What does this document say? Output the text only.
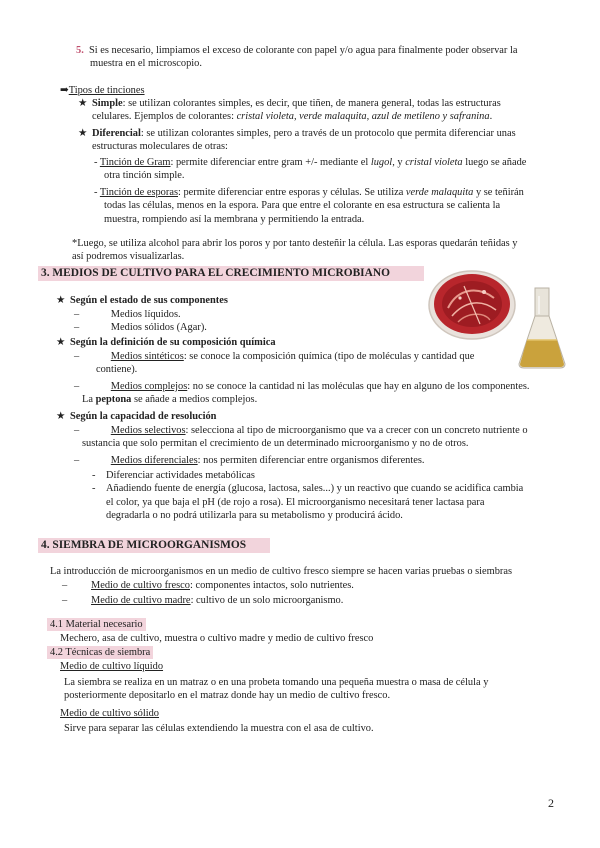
5. Si es necesario, limpiamos el exceso de colorante con papel y/o agua para finalmente poder observar la

muestra en el microscopio.

➡Tipos de tinciones

★ Simple: se utilizan colorantes simples, es decir, que tiñen, de manera general, todas las estructuras

celulares. Ejemplos de colorantes: cristal violeta, verde malaquita, azul de metileno y safranina.

★ Diferencial: se utilizan colorantes simples, pero a través de un protocolo que permita diferenciar unas

estructuras moleculares de otras:

- Tinción de Gram: permite diferenciar entre gram +/- mediante el lugol, y cristal violeta luego se añade

otra tinción simple.

- Tinción de esporas: permite diferenciar entre esporas y células. Se utiliza verde malaquita y se teñirán

todas las células, menos en la espora. Para que entre el colorante en esa estructura se calienta la

muestra, rompiendo así la membrana y permitiendo la entrada.

*Luego, se utiliza alcohol para abrir los poros y por tanto desteñir la célula. Las esporas quedarán teñidas y

así podremos visualizarlas.

3. MEDIOS DE CULTIVO PARA EL CRECIMIENTO MICROBIANO
★ Según el estado de sus componentes

–	Medios líquidos.

–	Medios sólidos (Agar).

★ Según la definición de su composición química

–	Medios sintéticos: se conoce la composición química (tipo de moléculas y cantidad que

contiene).

–	Medios complejos: no se conoce la cantidad ni las moléculas que hay en alguno de los componentes.

La peptona se añade a medios complejos.

★ Según la capacidad de resolución

–	Medios selectivos: selecciona al tipo de microorganismo que va a crecer con un concreto nutriente o

sustancia que solo permitan el crecimiento de un determinado microorganismo y no de otros.

–	Medios diferenciales: nos permiten diferenciar entre organismos diferentes.

- Diferenciar actividades metabólicas

- Añadiendo fuente de energía (glucosa, lactosa, sales...) y un reactivo que cuando se acidifica cambia

el color, ya que baja el pH (de rojo a rosa). El microorganismo necesitará tener lactasa para

degradarla o no podrá utilizarla para su metabolismo y producirá ácido.

4. SIEMBRA DE MICROORGANISMOS
La introducción de microorganismos en un medio de cultivo fresco siempre se hacen varias pruebas o siembras

– Medio de cultivo fresco: componentes intactos, solo nutrientes.

– Medio de cultivo madre: cultivo de un solo microorganismo.

4.1 Material necesario
Mechero, asa de cultivo, muestra o cultivo madre y medio de cultivo fresco
4.2 Técnicas de siembra
Medio de cultivo líquido

La siembra se realiza en un matraz o en una probeta tomando una pequeña muestra o masa de célula y

posteriormente depositarlo en el matraz donde hay un medio de cultivo fresco.

Medio de cultivo sólido
Sirve para separar las células extendiendo la muestra con el asa de cultivo.
2
